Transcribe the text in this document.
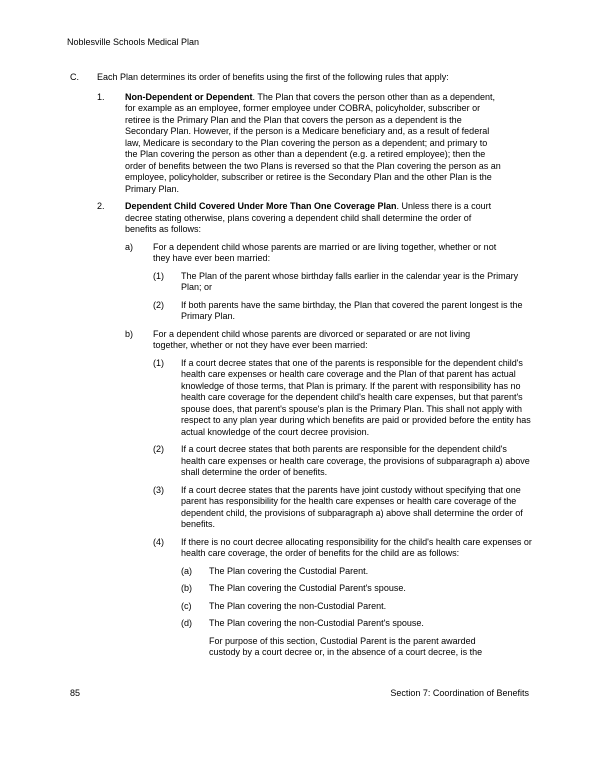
Noblesville Schools Medical Plan
C.	Each Plan determines its order of benefits using the first of the following rules that apply:
1.	Non-Dependent or Dependent. The Plan that covers the person other than as a dependent, for example as an employee, former employee under COBRA, policyholder, subscriber or retiree is the Primary Plan and the Plan that covers the person as a dependent is the Secondary Plan. However, if the person is a Medicare beneficiary and, as a result of federal law, Medicare is secondary to the Plan covering the person as a dependent; and primary to the Plan covering the person as other than a dependent (e.g. a retired employee); then the order of benefits between the two Plans is reversed so that the Plan covering the person as an employee, policyholder, subscriber or retiree is the Secondary Plan and the other Plan is the Primary Plan.
2.	Dependent Child Covered Under More Than One Coverage Plan. Unless there is a court decree stating otherwise, plans covering a dependent child shall determine the order of benefits as follows:
a)	For a dependent child whose parents are married or are living together, whether or not they have ever been married:
(1)	The Plan of the parent whose birthday falls earlier in the calendar year is the Primary Plan; or
(2)	If both parents have the same birthday, the Plan that covered the parent longest is the Primary Plan.
b)	For a dependent child whose parents are divorced or separated or are not living together, whether or not they have ever been married:
(1)	If a court decree states that one of the parents is responsible for the dependent child's health care expenses or health care coverage and the Plan of that parent has actual knowledge of those terms, that Plan is primary. If the parent with responsibility has no health care coverage for the dependent child's health care expenses, but that parent's spouse does, that parent's spouse's plan is the Primary Plan. This shall not apply with respect to any plan year during which benefits are paid or provided before the entity has actual knowledge of the court decree provision.
(2)	If a court decree states that both parents are responsible for the dependent child's health care expenses or health care coverage, the provisions of subparagraph a) above shall determine the order of benefits.
(3)	If a court decree states that the parents have joint custody without specifying that one parent has responsibility for the health care expenses or health care coverage of the dependent child, the provisions of subparagraph a) above shall determine the order of benefits.
(4)	If there is no court decree allocating responsibility for the child's health care expenses or health care coverage, the order of benefits for the child are as follows:
(a)	The Plan covering the Custodial Parent.
(b)	The Plan covering the Custodial Parent's spouse.
(c)	The Plan covering the non-Custodial Parent.
(d)	The Plan covering the non-Custodial Parent's spouse.
For purpose of this section, Custodial Parent is the parent awarded custody by a court decree or, in the absence of a court decree, is the
85	Section 7: Coordination of Benefits
